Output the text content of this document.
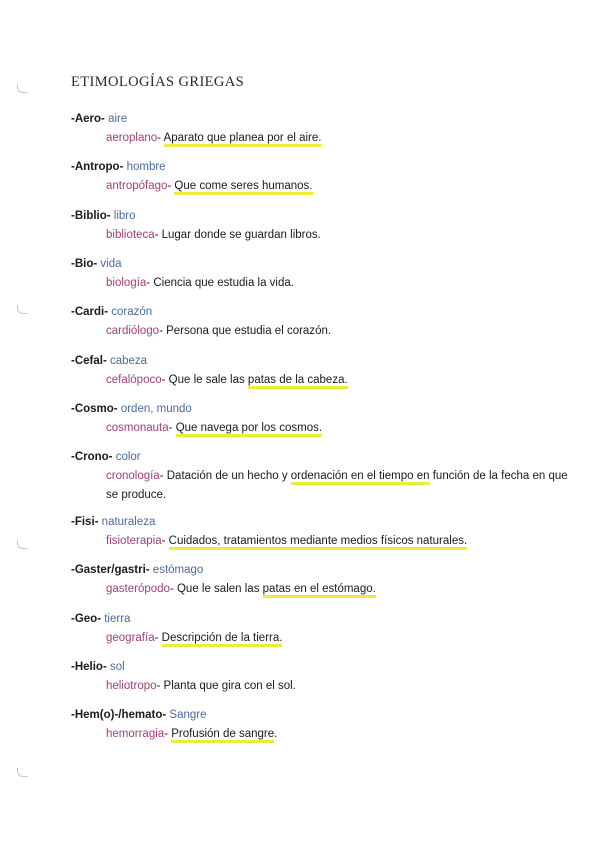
ETIMOLOGÍAS GRIEGAS
-Aero- aire
aeroplano- Aparato que planea por el aire.
-Antropo- hombre
antropófago- Que come seres humanos.
-Biblio- libro
biblioteca- Lugar donde se guardan libros.
-Bio- vida
biología- Ciencia que estudia la vida.
-Cardi- corazón
cardiólogo- Persona que estudia el corazón.
-Cefal- cabeza
cefalópoco- Que le sale las patas de la cabeza.
-Cosmo- orden, mundo
cosmonauta- Que navega por los cosmos.
-Crono- color
cronología- Datación de un hecho y ordenación en el tiempo en función de la fecha en que se produce.
-Fisi- naturaleza
fisioterapia- Cuidados, tratamientos mediante medios físicos naturales.
-Gaster/gastri- estómago
gasterópodo- Que le salen las patas en el estómago.
-Geo- tierra
geografía- Descripción de la tierra.
-Helio- sol
heliotropo- Planta que gira con el sol.
-Hem(o)-/hemato- Sangre
hemorragia- Profusión de sangre.
